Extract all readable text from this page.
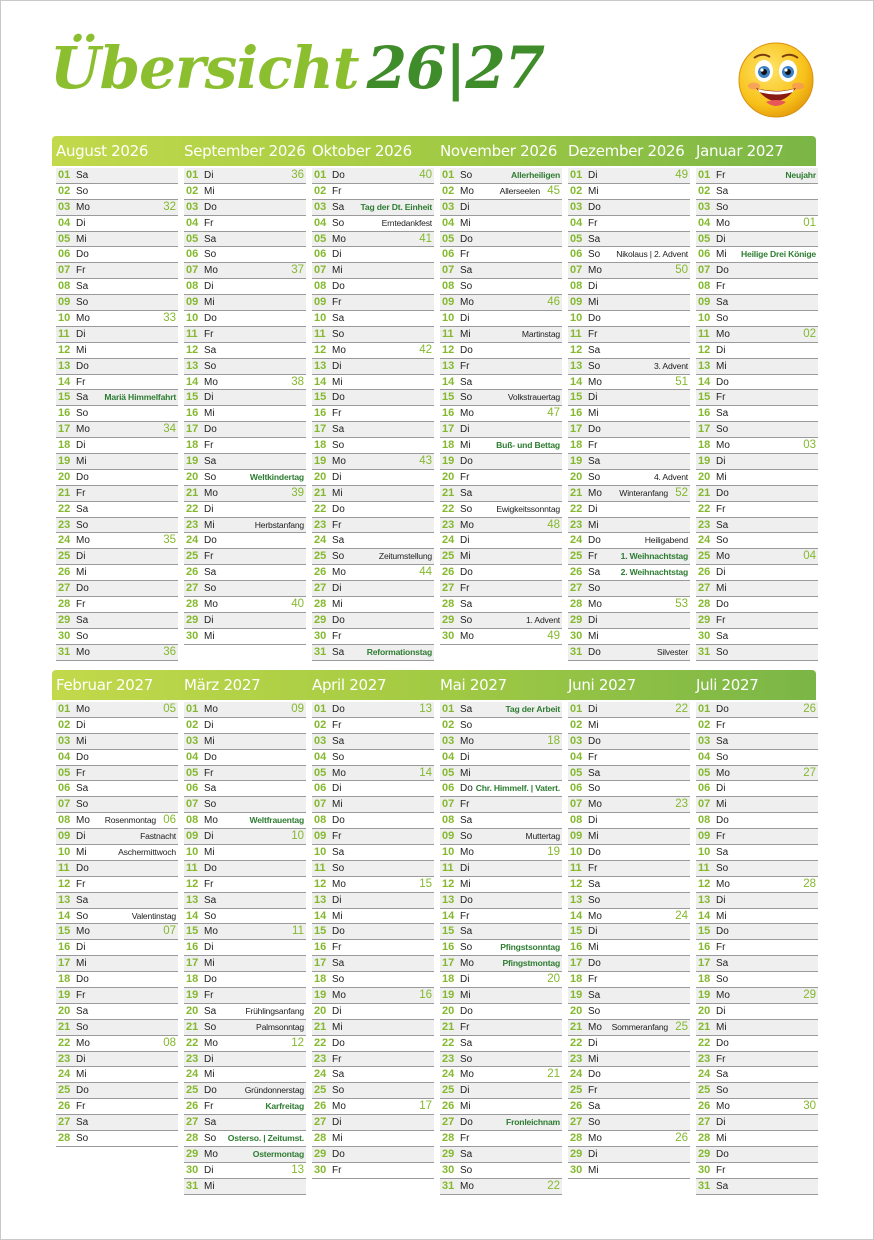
Übersicht 26|27
August 2026
01 Sa
02 So
03 Mo	32
04 Di
05 Mi
06 Do
07 Fr
08 Sa
09 So
10 Mo	33
11 Di
12 Mi
13 Do
14 Fr
15 Sa Mariä Himmelfahrt
16 So
17 Mo	34
18 Di
19 Mi
20 Do
21 Fr
22 Sa
23 So
24 Mo	35
25 Di
26 Mi
27 Do
28 Fr
29 Sa
30 So
31 Mo	36
September 2026
01 Di	36
02 Mi
03 Do
04 Fr
05 Sa
06 So
07 Mo	37
08 Di
09 Mi
10 Do
11 Fr
12 Sa
13 So
14 Mo	38
15 Di
16 Mi
17 Do
18 Fr
19 Sa
20 So	Weltkindertag
21 Mo	39
22 Di
23 Mi	Herbstanfang
24 Do
25 Fr
26 Sa
27 So
28 Mo	40
29 Di
30 Mi
Oktober 2026
01 Do	40
02 Fr
03 Sa Tag der Dt. Einheit
04 So	Erntedankfest
05 Mo	41
06 Di
07 Mi
08 Do
09 Fr
10 Sa
11 So
12 Mo	42
13 Di
14 Mi
15 Do
16 Fr
17 Sa
18 So
19 Mo	43
20 Di
21 Mi
22 Do
23 Fr
24 Sa
25 So	Zeitumstellung
26 Mo	44
27 Di
28 Mi
29 Do
30 Fr
31 Sa	Reformationstag
November 2026
01 So	Allerheiligen
02 Mo	Allerseelen 45
03 Di
04 Mi
05 Do
06 Fr
07 Sa
08 So
09 Mo	46
10 Di
11 Mi	Martinstag
12 Do
13 Fr
14 Sa
15 So	Volkstrauertag
16 Mo	47
17 Di
18 Mi	Buß- und Bettag
19 Do
20 Fr
21 Sa
22 So	Ewigkeitssonntag
23 Mo	48
24 Di
25 Mi
26 Do
27 Fr
28 Sa
29 So	1. Advent
30 Mo	49
Dezember 2026
01 Di	49
02 Mi
03 Do
04 Fr
05 Sa
06 So Nikolaus | 2. Advent
07 Mo	50
08 Di
09 Mi
10 Do
11 Fr
12 Sa
13 So	3. Advent
14 Mo	51
15 Di
16 Mi
17 Do
18 Fr
19 Sa
20 So	4. Advent
21 Mo Winteranfang 52
22 Di
23 Mi
24 Do	Heiligabend
25 Fr	1. Weihnachtstag
26 Sa 2. Weihnachtstag
27 So
28 Mo	53
29 Di
30 Mi
31 Do	Silvester
Januar 2027
01 Fr	Neujahr
02 Sa
03 So
04 Mo	01
05 Di
06 Mi Heilige Drei Könige
07 Do
08 Fr
09 Sa
10 So
11 Mo	02
12 Di
13 Mi
14 Do
15 Fr
16 Sa
17 So
18 Mo	03
19 Di
20 Mi
21 Do
22 Fr
23 Sa
24 So
25 Mo	04
26 Di
27 Mi
28 Do
29 Fr
30 Sa
31 So
Februar 2027
01 Mo	05
02 Di
03 Mi
04 Do
05 Fr
06 Sa
07 So
08 Mo Rosenmontag 06
09 Di	Fastnacht
10 Mi	Aschermittwoch
11 Do
12 Fr
13 Sa
14 So	Valentinstag
15 Mo	07
16 Di
17 Mi
18 Do
19 Fr
20 Sa
21 So
22 Mo	08
23 Di
24 Mi
25 Do
26 Fr
27 Sa
28 So
März 2027
01 Mo	09
02 Di
03 Mi
04 Do
05 Fr
06 Sa
07 So
08 Mo	Weltfrauentag
09 Di	10
10 Mi
11 Do
12 Fr
13 Sa
14 So
15 Mo	11
16 Di
17 Mi
18 Do
19 Fr
20 Sa	Frühlingsanfang
21 So	Palmsonntag
22 Mo	12
23 Di
24 Mi
25 Do	Gründonnerstag
26 Fr	Karfreitag
27 Sa
28 So Osterso. | Zeitumst.
29 Mo	Ostermontag
30 Di	13
31 Mi
April 2027
01 Do	13
02 Fr
03 Sa
04 So
05 Mo	14
06 Di
07 Mi
08 Do
09 Fr
10 Sa
11 So
12 Mo	15
13 Di
14 Mi
15 Do
16 Fr
17 Sa
18 So
19 Mo	16
20 Di
21 Mi
22 Do
23 Fr
24 Sa
25 So
26 Mo	17
27 Di
28 Mi
29 Do
30 Fr
Mai 2027
01 Sa	Tag der Arbeit
02 So
03 Mo	18
04 Di
05 Mi
06 Do Chr. Himmelf. | Vatert.
07 Fr
08 Sa
09 So	Muttertag
10 Mo	19
11 Di
12 Mi
13 Do
14 Fr
15 Sa
16 So	Pfingstsonntag
17 Mo	Pfingstmontag
18 Di	20
19 Mi
20 Do
21 Fr
22 Sa
23 So
24 Mo	21
25 Di
26 Mi
27 Do	Fronleichnam
28 Fr
29 Sa
30 So
31 Mo	22
Juni 2027
01 Di	22
02 Mi
03 Do
04 Fr
05 Sa
06 So
07 Mo	23
08 Di
09 Mi
10 Do
11 Fr
12 Sa
13 So
14 Mo	24
15 Di
16 Mi
17 Do
18 Fr
19 Sa
20 So
21 Mo Sommeranfang 25
22 Di
23 Mi
24 Do
25 Fr
26 Sa
27 So
28 Mo	26
29 Di
30 Mi
Juli 2027
01 Do	26
02 Fr
03 Sa
04 So
05 Mo	27
06 Di
07 Mi
08 Do
09 Fr
10 Sa
11 So
12 Mo	28
13 Di
14 Mi
15 Do
16 Fr
17 Sa
18 So
19 Mo	29
20 Di
21 Mi
22 Do
23 Fr
24 Sa
25 So
26 Mo	30
27 Di
28 Mi
29 Do
30 Fr
31 Sa
